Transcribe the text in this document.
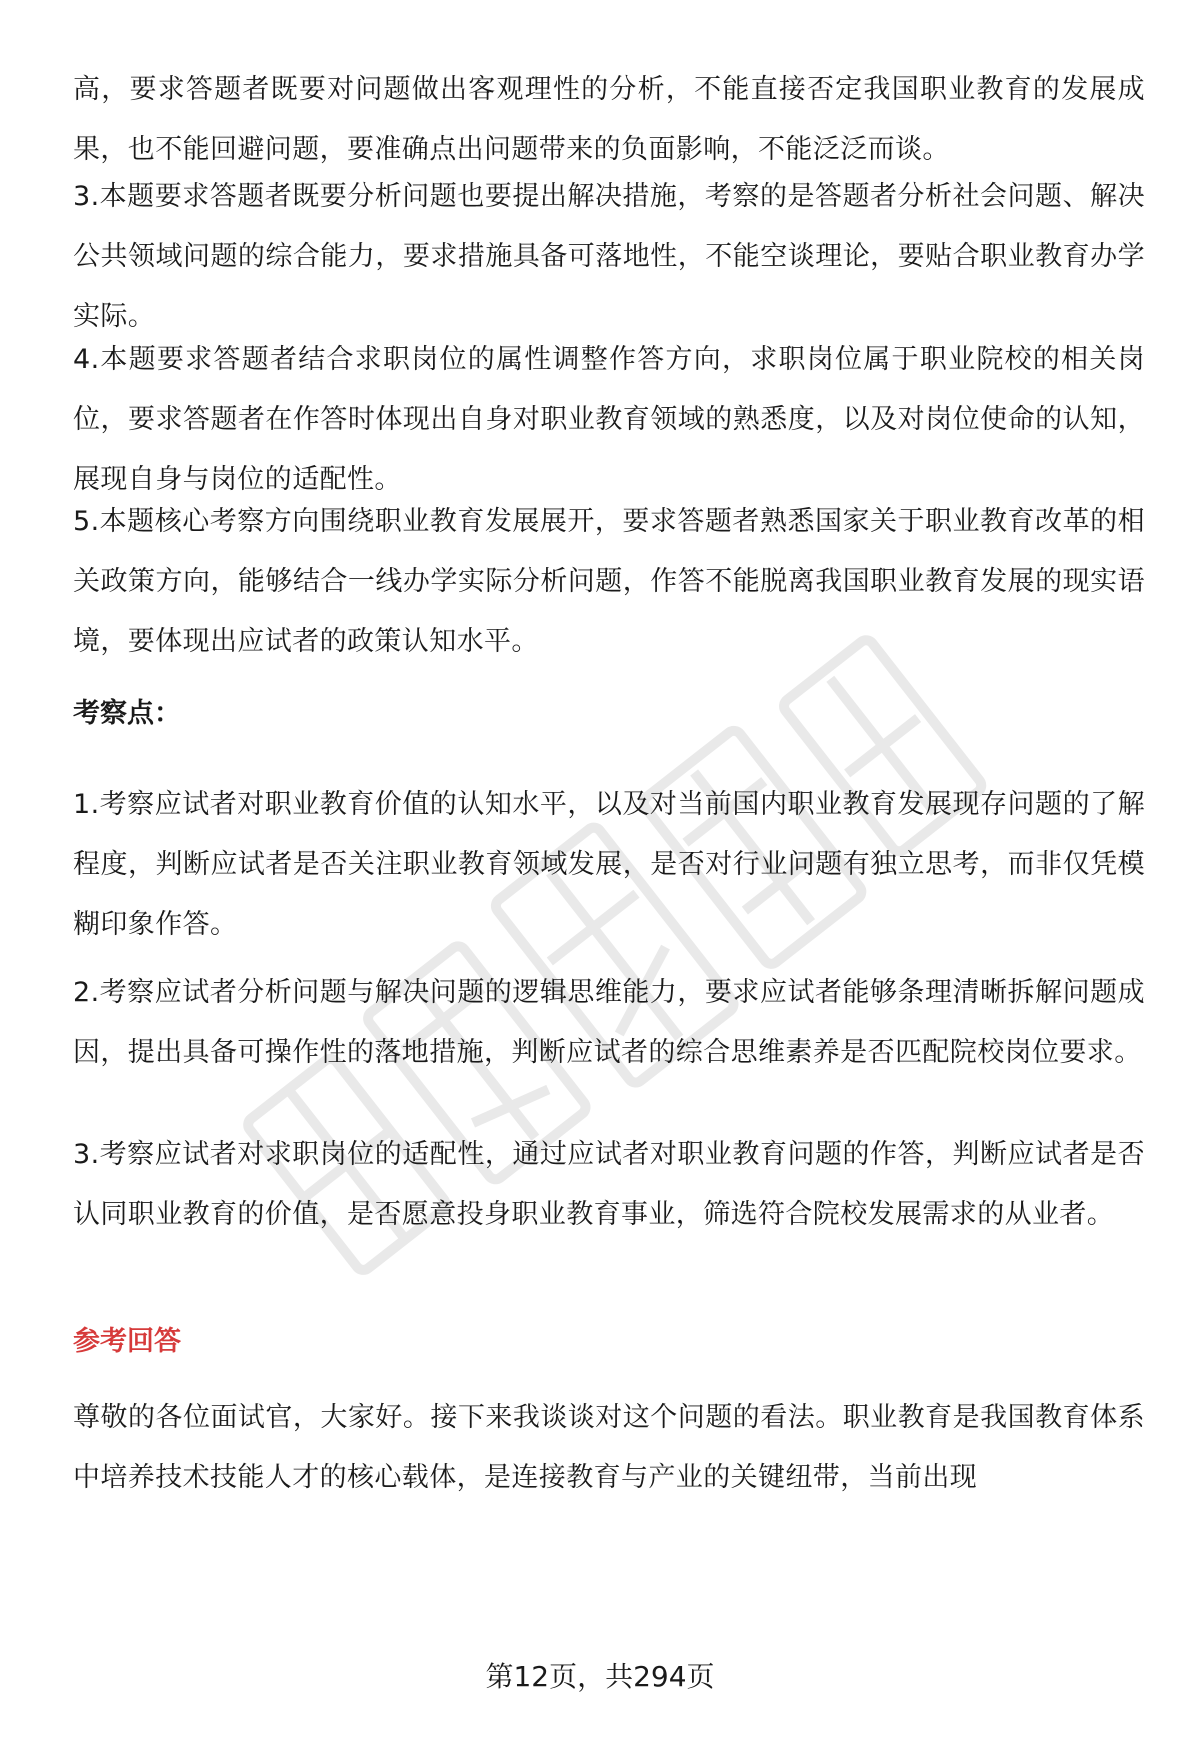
高，要求答题者既要对问题做出客观理性的分析，不能直接否定我国职业教育的发展成果，也不能回避问题，要准确点出问题带来的负面影响，不能泛泛而谈。

3.本题要求答题者既要分析问题也要提出解决措施，考察的是答题者分析社会问题、解决公共领域问题的综合能力，要求措施具备可落地性，不能空谈理论，要贴合职业教育办学实际。

4.本题要求答题者结合求职岗位的属性调整作答方向，求职岗位属于职业院校的相关岗位，要求答题者在作答时体现出自身对职业教育领域的熟悉度，以及对岗位使命的认知，展现自身与岗位的适配性。

5.本题核心考察方向围绕职业教育发展展开，要求答题者熟悉国家关于职业教育改革的相关政策方向，能够结合一线办学实际分析问题，作答不能脱离我国职业教育发展的现实语境，要体现出应试者的政策认知水平。

考察点：

1.考察应试者对职业教育价值的认知水平，以及对当前国内职业教育发展现存问题的了解程度，判断应试者是否关注职业教育领域发展，是否对行业问题有独立思考，而非仅凭模糊印象作答。

2.考察应试者分析问题与解决问题的逻辑思维能力，要求应试者能够条理清晰拆解问题成因，提出具备可操作性的落地措施，判断应试者的综合思维素养是否匹配院校岗位要求。

3.考察应试者对求职岗位的适配性，通过应试者对职业教育问题的作答，判断应试者是否认同职业教育的价值，是否愿意投身职业教育事业，筛选符合院校发展需求的从业者。

参考回答

尊敬的各位面试官，大家好。接下来我谈谈对这个问题的看法。职业教育是我国教育体系中培养技术技能人才的核心载体，是连接教育与产业的关键纽带，当前出现

第12页，共294页
